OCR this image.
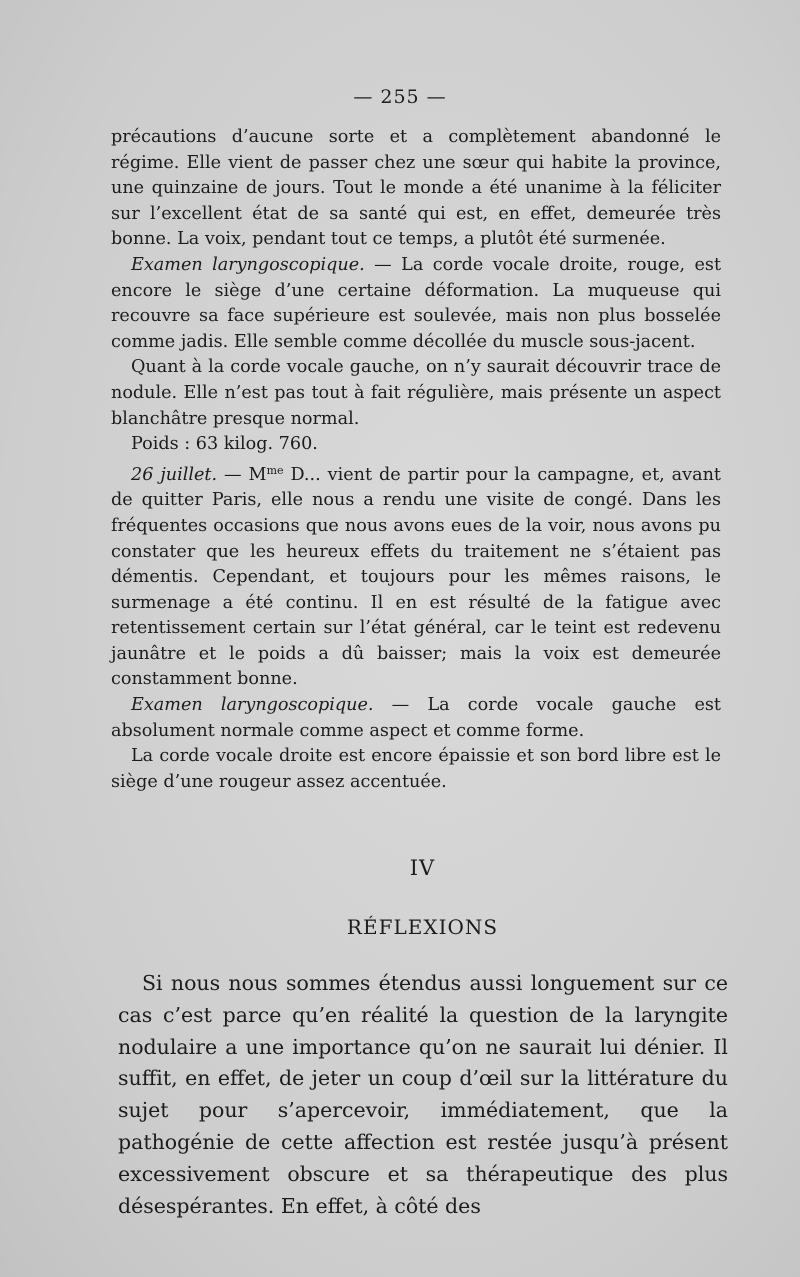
— 255 —

précautions d’aucune sorte et a complètement abandonné le régime. Elle vient de passer chez une sœur qui habite la province, une quinzaine de jours. Tout le monde a été unanime à la féliciter sur l’excellent état de sa santé qui est, en effet, demeurée très bonne. La voix, pendant tout ce temps, a plutôt été surmenée.

Examen laryngoscopique. — La corde vocale droite, rouge, est encore le siège d’une certaine déformation. La muqueuse qui recouvre sa face supérieure est soulevée, mais non plus bosselée comme jadis. Elle semble comme décollée du muscle sous-jacent.

Quant à la corde vocale gauche, on n’y saurait découvrir trace de nodule. Elle n’est pas tout à fait régulière, mais présente un aspect blanchâtre presque normal.

Poids : 63 kilog. 760.

26 juillet. — $M^{me}$ D... vient de partir pour la campagne, et, avant de quitter Paris, elle nous a rendu une visite de congé. Dans les fréquentes occasions que nous avons eues de la voir, nous avons pu constater que les heureux effets du traitement ne s’étaient pas démentis. Cependant, et toujours pour les mêmes raisons, le surmenage a été continu. Il en est résulté de la fatigue avec retentissement certain sur l’état général, car le teint est redevenu jaunâtre et le poids a dû baisser; mais la voix est demeurée constamment bonne.

Examen laryngoscopique. — La corde vocale gauche est absolument normale comme aspect et comme forme.

La corde vocale droite est encore épaissie et son bord libre est le siège d’une rougeur assez accentuée.

IV
RÉFLEXIONS

Si nous nous sommes étendus aussi longuement sur ce cas c’est parce qu’en réalité la question de la laryngite nodulaire a une importance qu’on ne saurait lui dénier. Il suffit, en effet, de jeter un coup d’œil sur la littérature du sujet pour s’apercevoir, immédiatement, que la pathogénie de cette affection est restée jusqu’à présent excessivement obscure et sa thérapeutique des plus désespérantes. En effet, à côté des
